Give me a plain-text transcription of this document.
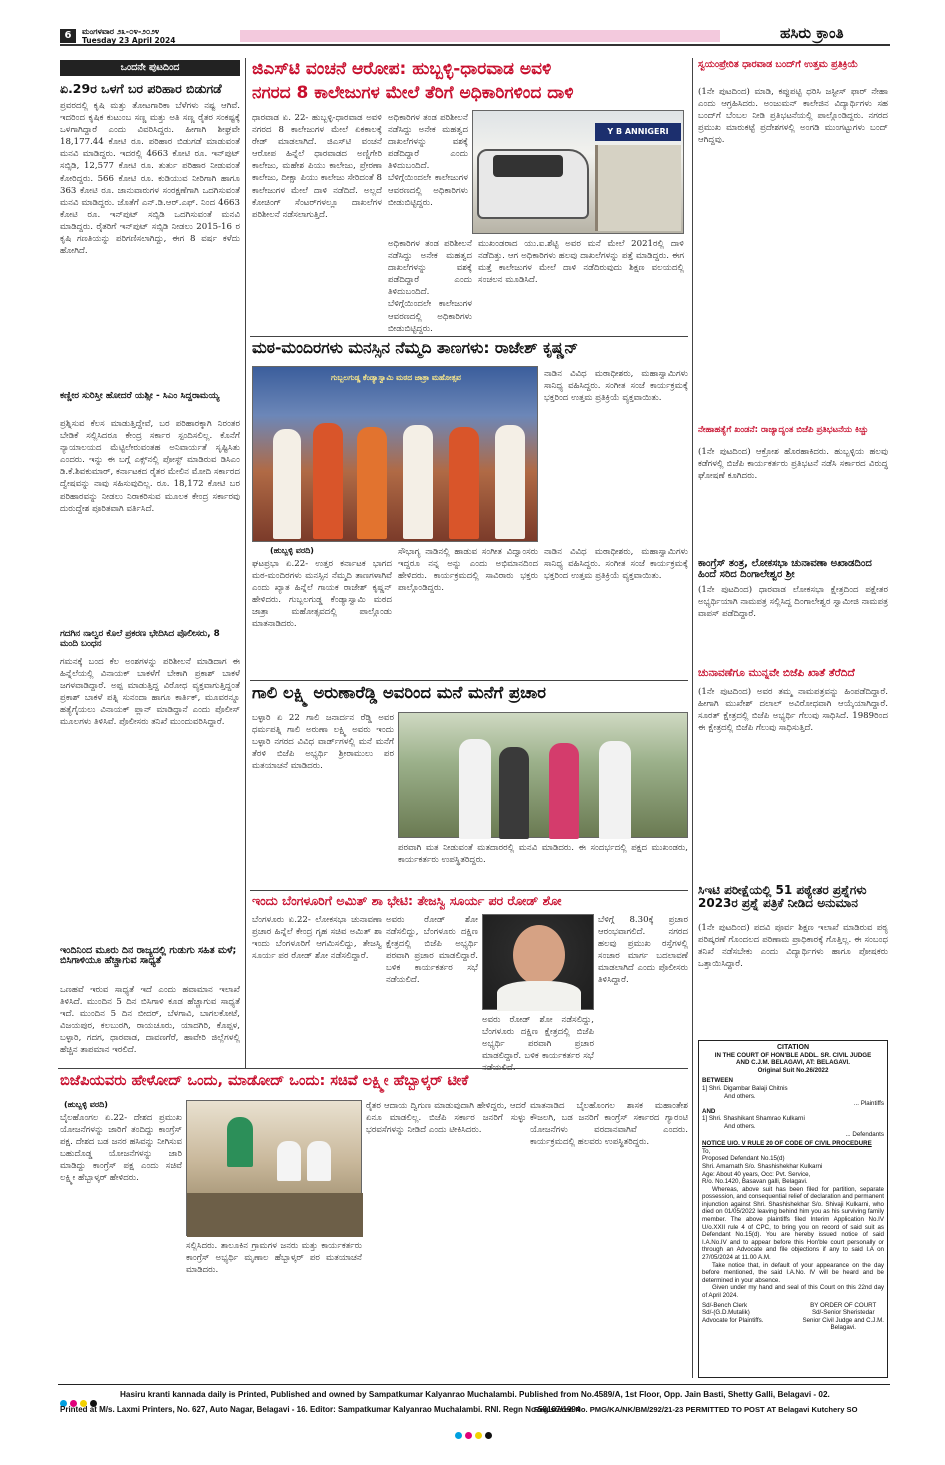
6	ಮಂಗಳವಾರ ೨೩-೦೪-೨೦೨೪
Tuesday 23 April 2024	ಹಸಿರು ಕ್ರಾಂತಿ
ಒಂದನೇ ಪುಟದಿಂದ
ಏ.29ರ ಒಳಗೆ ಬರ ಪರಿಹಾರ ಬಿಡುಗಡೆ
ಪ್ರವರದಲ್ಲಿ ಕೃಷಿ ಮತ್ತು ತೋಟಗಾರಿಕಾ ಬೆಳೆಗಳು ನಷ್ಟ ಆಗಿವೆ. ಇದರಿಂದ ಕೃಷಿಕ ಕುಟುಂಬ ಸಣ್ಣ ಮತ್ತು ಅತಿ ಸಣ್ಣ ರೈತರ ಸಂಕಷ್ಟಕ್ಕೆ ಒಳಗಾಗಿದ್ದಾರೆ ಎಂದು ವಿವರಿಸಿದ್ದರು. ಹೀಗಾಗಿ ಶೀಘ್ರವೇ 18,177.44 ಕೋಟಿ ರೂ. ಪರಿಹಾರ ಬಿಡುಗಡೆ ಮಾಡುವಂತೆ ಮನವಿ ಮಾಡಿದ್ದರು. ಇದರಲ್ಲಿ 4663 ಕೋಟಿ ರೂ. ಇನ್‌ಪುಟ್ ಸಬ್ಸಿಡಿ, 12,577 ಕೋಟಿ ರೂ. ತುರ್ತು ಪರಿಹಾರ ನೀಡುವಂತೆ ಕೋರಿದ್ದರು. 566 ಕೋಟಿ ರೂ. ಕುಡಿಯುವ ನೀರಿಗಾಗಿ ಹಾಗೂ 363 ಕೋಟಿ ರೂ. ಜಾನುವಾರುಗಳ ಸಂರಕ್ಷಣೆಗಾಗಿ ಒದಗಿಸುವಂತೆ ಮನವಿ ಮಾಡಿದ್ದರು. ಜೊತೆಗೆ ಎನ್.ಡಿ.ಆರ್.ಎಫ್. ನಿಂದ 4663 ಕೋಟಿ ರೂ. ಇನ್‌ಪುಟ್ ಸಬ್ಸಿಡಿ ಒದಗಿಸುವಂತೆ ಮನವಿ ಮಾಡಿದ್ದರು. ರೈತರಿಗೆ ಇನ್‌ಪುಟ್ ಸಬ್ಸಿಡಿ ನೀಡಲು 2015-16 ರ ಕೃಷಿ ಗಣತಿಯನ್ನು ಪರಿಗಣಿಸಲಾಗಿದ್ದು, ಈಗ 8 ವರ್ಷ ಕಳೆದು ಹೋಗಿದೆ.
ಕಣ್ಣೀರ ಸುರಿಸ್ತೀ ಹೋದರೆ ಯಶ್ಸೀ - ಸಿಎಂ ಸಿದ್ದರಾಮಯ್ಯ
ಪ್ರಶ್ನಿಸುವ ಕೆಲಸ ಮಾಡುತ್ತಿದ್ದೇವೆ, ಬರ ಪರಿಹಾರಕ್ಕಾಗಿ ನಿರಂತರ ಬೇಡಿಕೆ ಸಲ್ಲಿಸಿದರೂ ಕೇಂದ್ರ ಸರ್ಕಾರ ಸ್ಪಂದಿಸಲಿಲ್ಲ. ಕೊನೆಗೆ ನ್ಯಾಯಾಲಯದ ಮೆಟ್ಟಿಲೇರುವಂತಹ ಅನಿವಾರ್ಯತೆ ಸೃಷ್ಟಿಸಿತು ಎಂದರು. ಇನ್ನು ಈ ಬಗ್ಗೆ ಎಕ್ಸ್‌ನಲ್ಲಿ ಪೋಸ್ಟ್ ಮಾಡಿರುವ ಡಿಸಿಎಂ ಡಿ.ಕೆ.ಶಿವಕುಮಾರ್, ಕರ್ನಾಟಕದ ರೈತರ ಮೇಲಿನ ಮೋದಿ ಸರ್ಕಾರದ ದ್ವೇಷವನ್ನು ನಾವು ಸಹಿಸುವುದಿಲ್ಲ. ರೂ. 18,172 ಕೋಟಿ ಬರ ಪರಿಹಾರವನ್ನು ನೀಡಲು ನಿರಾಕರಿಸುವ ಮೂಲಕ ಕೇಂದ್ರ ಸರ್ಕಾರವು ದುರುದ್ದೇಶ ಪೂರಿತವಾಗಿ ವರ್ತಿಸಿದೆ.
ಗದಗಿನ ನಾಲ್ವರ ಕೊಲೆ ಪ್ರಕರಣ ಭೇದಿಸಿದ ಪೊಲೀಸರು, 8 ಮಂದಿ ಬಂಧನ
ಗಮನಕ್ಕೆ ಬಂದ ಕೆಲ ಅಂಶಗಳನ್ನು ಪರಿಶೀಲನೆ ಮಾಡಿದಾಗ ಈ ಹಿನ್ನೆಲೆಯಲ್ಲಿ ವಿನಾಯಕ್ ಬಾಕಳೆಗೆ ಬೇಕಾಗಿ ಪ್ರಕಾಶ್ ಬಾಕಳೆ ಜಗಳವಾಡಿದ್ದಾರೆ. ಅಪ್ಪ ಮಾಡುತ್ತಿದ್ದ ವಿರೋಧ ವ್ಯಕ್ತವಾಗುತ್ತಿದ್ದಂತೆ ಪ್ರಕಾಶ್ ಬಾಕಳೆ ಪತ್ನಿ ಸುನಂದಾ ಹಾಗೂ ಕಾರ್ತಿಕ್, ಮೂವರನ್ನೂ ಹತ್ಯೆಗೈಯಲು ವಿನಾಯಕ್ ಪ್ಲಾನ್ ಮಾಡಿದ್ದಾನೆ ಎಂದು ಪೊಲೀಸ್ ಮೂಲಗಳು ತಿಳಿಸಿವೆ. ಪೊಲೀಸರು ತನಿಖೆ ಮುಂದುವರಿಸಿದ್ದಾರೆ.
ಇಂದಿನಿಂದ ಮೂರು ದಿನ ರಾಜ್ಯದಲ್ಲಿ ಗುಡುಗು ಸಹಿತ ಮಳೆ; ಬಿಸಿಗಾಳಿಯೂ ಹೆಚ್ಚಾಗುವ ಸಾಧ್ಯತೆ
ಒಣಹವೆ ಇರುವ ಸಾಧ್ಯತೆ ಇದೆ ಎಂದು ಹವಾಮಾನ ಇಲಾಖೆ ತಿಳಿಸಿದೆ. ಮುಂದಿನ 5 ದಿನ ಬಿಸಿಗಾಳಿ ಕೂಡ ಹೆಚ್ಚಾಗುವ ಸಾಧ್ಯತೆ ಇದೆ. ಮುಂದಿನ 5 ದಿನ ಬೀದರ್, ಬೆಳಗಾವಿ, ಬಾಗಲಕೋಟೆ, ವಿಜಯಪುರ, ಕಲಬುರಗಿ, ರಾಯಚೂರು, ಯಾದಗಿರಿ, ಕೊಪ್ಪಳ, ಬಳ್ಳಾರಿ, ಗದಗ, ಧಾರವಾಡ, ದಾವಣಗೆರೆ, ಹಾವೇರಿ ಜಿಲ್ಲೆಗಳಲ್ಲಿ ಹೆಚ್ಚಿನ ತಾಪಮಾನ ಇರಲಿದೆ.
ಜಿಎಸ್‌ಟಿ ವಂಚನೆ ಆರೋಪ: ಹುಬ್ಬಳ್ಳಿ-ಧಾರವಾಡ ಅವಳಿ
ನಗರದ 8 ಕಾಲೇಜುಗಳ ಮೇಲೆ ತೆರಿಗೆ ಅಧಿಕಾರಿಗಳಿಂದ ದಾಳಿ
ಧಾರವಾಡ ಏ. 22- ಹುಬ್ಬಳ್ಳಿ-ಧಾರವಾಡ ಅವಳಿ ನಗರದ 8 ಕಾಲೇಜುಗಳ ಮೇಲೆ ಏಕಕಾಲಕ್ಕೆ ರೇಡ್ ಮಾಡಲಾಗಿದೆ. ಜಿಎಸ್‌ಟಿ ವಂಚನೆ ಆರೋಪ ಹಿನ್ನೆಲೆ ಧಾರವಾಡದ ಅಣ್ಣಿಗೇರಿ ಕಾಲೇಜು, ಮಹೇಶ ಪಿಯು ಕಾಲೇಜು, ಪ್ರೇರಣಾ ಕಾಲೇಜು, ದೀಕ್ಷಾ ಪಿಯು ಕಾಲೇಜು ಸೇರಿದಂತೆ 8 ಕಾಲೇಜುಗಳ ಮೇಲೆ ದಾಳಿ ನಡೆದಿದೆ. ಅಲ್ಲದೆ ಕೋಚಿಂಗ್ ಸೆಂಟರ್‌ಗಳಲ್ಲೂ ದಾಖಲೆಗಳ ಪರಿಶೀಲನೆ ನಡೆಸಲಾಗುತ್ತಿದೆ.
ಅಧಿಕಾರಿಗಳ ತಂಡ ಪರಿಶೀಲನೆ ನಡೆಸಿದ್ದು ಅನೇಕ ಮಹತ್ವದ ದಾಖಲೆಗಳನ್ನು ವಶಕ್ಕೆ ಪಡೆದಿದ್ದಾರೆ ಎಂದು ತಿಳಿದುಬಂದಿದೆ. ಬೆಳಿಗ್ಗೆಯಿಂದಲೇ ಕಾಲೇಜುಗಳ ಆವರಣದಲ್ಲಿ ಅಧಿಕಾರಿಗಳು ಬೀಡುಬಿಟ್ಟಿದ್ದರು.
Y B ANNIGERI
ಅಧಿಕಾರಿಗಳ ತಂಡ ಪರಿಶೀಲನೆ ನಡೆಸಿದ್ದು ಅನೇಕ ಮಹತ್ವದ ದಾಖಲೆಗಳನ್ನು ವಶಕ್ಕೆ ಪಡೆದಿದ್ದಾರೆ ಎಂದು ತಿಳಿದುಬಂದಿದೆ. ಬೆಳಿಗ್ಗೆಯಿಂದಲೇ ಕಾಲೇಜುಗಳ ಆವರಣದಲ್ಲಿ ಅಧಿಕಾರಿಗಳು ಬೀಡುಬಿಟ್ಟಿದ್ದರು.
ಮುಖಂಡರಾದ ಯು.ಐ.ಶೆಟ್ಟಿ ಅವರ ಮನೆ ಮೇಲೆ 2021ರಲ್ಲಿ ದಾಳಿ ನಡೆದಿತ್ತು. ಆಗ ಅಧಿಕಾರಿಗಳು ಹಲವು ದಾಖಲೆಗಳನ್ನು ಪತ್ತೆ ಮಾಡಿದ್ದರು. ಈಗ ಮತ್ತೆ ಕಾಲೇಜುಗಳ ಮೇಲೆ ದಾಳಿ ನಡೆದಿರುವುದು ಶಿಕ್ಷಣ ವಲಯದಲ್ಲಿ ಸಂಚಲನ ಮೂಡಿಸಿದೆ.
ಮಠ-ಮಂದಿರಗಳು ಮನಸ್ಸಿನ ನೆಮ್ಮದಿ ತಾಣಗಳು: ರಾಜೇಶ್ ಕೃಷ್ಣನ್
ಗುಬ್ಬಲಗುಡ್ಡ ಕೆಂಡ್ಯಾಸ್ವಾಮಿ ಮಠದ ಜಾತ್ರಾ ಮಹೋತ್ಸವ	ನಾಡಿನ ವಿವಿಧ ಮಠಾಧೀಶರು, ಮಹಾಸ್ವಾಮಿಗಳು ಸಾನಿಧ್ಯ ವಹಿಸಿದ್ದರು. ಸಂಗೀತ ಸಂಜೆ ಕಾರ್ಯಕ್ರಮಕ್ಕೆ ಭಕ್ತರಿಂದ ಉತ್ತಮ ಪ್ರತಿಕ್ರಿಯೆ ವ್ಯಕ್ತವಾಯಿತು.
(ಹುಬ್ಬಳ್ಳಿ ವರದಿ)
ಘಟಪ್ರಭಾ ಏ.22- ಉತ್ತರ ಕರ್ನಾಟಕ ಭಾಗದ ಮಠ-ಮಂದಿರಗಳು ಮನಸ್ಸಿನ ನೆಮ್ಮದಿ ತಾಣಗಳಾಗಿವೆ ಎಂದು ಖ್ಯಾತ ಹಿನ್ನೆಲೆ ಗಾಯಕ ರಾಜೇಶ್ ಕೃಷ್ಣನ್ ಹೇಳಿದರು. ಗುಬ್ಬಲಗುಡ್ಡ ಕೆಂಡ್ಯಾಸ್ವಾಮಿ ಮಠದ ಜಾತ್ರಾ ಮಹೋತ್ಸವದಲ್ಲಿ ಪಾಲ್ಗೊಂಡು ಮಾತನಾಡಿದರು.
ಸೌಭಾಗ್ಯ ನಾಡಿನಲ್ಲಿ ಹಾಡುವ ಸಂಗೀತ ವಿದ್ವಾಂಸರು ಇದ್ದರೂ ನನ್ನ ಅನ್ನು ಎಂದು ಅಭಿಮಾನದಿಂದ ಹೇಳಿದರು. ಕಾರ್ಯಕ್ರಮದಲ್ಲಿ ಸಾವಿರಾರು ಭಕ್ತರು ಪಾಲ್ಗೊಂಡಿದ್ದರು.
ನಾಡಿನ ವಿವಿಧ ಮಠಾಧೀಶರು, ಮಹಾಸ್ವಾಮಿಗಳು ಸಾನಿಧ್ಯ ವಹಿಸಿದ್ದರು. ಸಂಗೀತ ಸಂಜೆ ಕಾರ್ಯಕ್ರಮಕ್ಕೆ ಭಕ್ತರಿಂದ ಉತ್ತಮ ಪ್ರತಿಕ್ರಿಯೆ ವ್ಯಕ್ತವಾಯಿತು.
ಗಾಲಿ ಲಕ್ಷ್ಮಿ ಅರುಣಾರೆಡ್ಡಿ ಅವರಿಂದ ಮನೆ ಮನೆಗೆ ಪ್ರಚಾರ
ಬಳ್ಳಾರಿ ಏ 22 ಗಾಲಿ ಜನಾರ್ದನ ರೆಡ್ಡಿ ಅವರ ಧರ್ಮಪತ್ನಿ ಗಾಲಿ ಅರುಣಾ ಲಕ್ಷ್ಮಿ ಅವರು ಇಂದು ಬಳ್ಳಾರಿ ನಗರದ ವಿವಿಧ ವಾರ್ಡ್‌ಗಳಲ್ಲಿ ಮನೆ ಮನೆಗೆ ತೆರಳಿ ಬಿಜೆಪಿ ಅಭ್ಯರ್ಥಿ ಶ್ರೀರಾಮುಲು ಪರ ಮತಯಾಚನೆ ಮಾಡಿದರು.
ಪರವಾಗಿ ಮತ ನೀಡುವಂತೆ ಮತದಾರರಲ್ಲಿ ಮನವಿ ಮಾಡಿದರು. ಈ ಸಂದರ್ಭದಲ್ಲಿ ಪಕ್ಷದ ಮುಖಂಡರು, ಕಾರ್ಯಕರ್ತರು ಉಪಸ್ಥಿತರಿದ್ದರು.
ಇಂದು ಬೆಂಗಳೂರಿಗೆ ಅಮಿತ್ ಶಾ ಭೇಟಿ: ತೇಜಸ್ವಿ ಸೂರ್ಯ ಪರ ರೋಡ್ ಶೋ
ಬೆಂಗಳೂರು ಏ.22- ಲೋಕಸಭಾ ಚುನಾವಣಾ ಪ್ರಚಾರ ಹಿನ್ನೆಲೆ ಕೇಂದ್ರ ಗೃಹ ಸಚಿವ ಅಮಿತ್ ಶಾ ಇಂದು ಬೆಂಗಳೂರಿಗೆ ಆಗಮಿಸಲಿದ್ದು, ತೇಜಸ್ವಿ ಸೂರ್ಯ ಪರ ರೋಡ್ ಶೋ ನಡೆಸಲಿದ್ದಾರೆ.
ಅವರು ರೋಡ್ ಶೋ ನಡೆಸಲಿದ್ದು, ಬೆಂಗಳೂರು ದಕ್ಷಿಣ ಕ್ಷೇತ್ರದಲ್ಲಿ ಬಿಜೆಪಿ ಅಭ್ಯರ್ಥಿ ಪರವಾಗಿ ಪ್ರಚಾರ ಮಾಡಲಿದ್ದಾರೆ. ಬಳಿಕ ಕಾರ್ಯಕರ್ತರ ಸಭೆ ನಡೆಯಲಿದೆ.
ಬೆಳಿಗ್ಗೆ 8.30ಕ್ಕೆ ಪ್ರಚಾರ ಆರಂಭವಾಗಲಿದೆ. ನಗರದ ಹಲವು ಪ್ರಮುಖ ರಸ್ತೆಗಳಲ್ಲಿ ಸಂಚಾರ ಮಾರ್ಗ ಬದಲಾವಣೆ ಮಾಡಲಾಗಿದೆ ಎಂದು ಪೊಲೀಸರು ತಿಳಿಸಿದ್ದಾರೆ.
ಅವರು ರೋಡ್ ಶೋ ನಡೆಸಲಿದ್ದು, ಬೆಂಗಳೂರು ದಕ್ಷಿಣ ಕ್ಷೇತ್ರದಲ್ಲಿ ಬಿಜೆಪಿ ಅಭ್ಯರ್ಥಿ ಪರವಾಗಿ ಪ್ರಚಾರ ಮಾಡಲಿದ್ದಾರೆ. ಬಳಿಕ ಕಾರ್ಯಕರ್ತರ ಸಭೆ
ಬಿಜೆಪಿಯವರು ಹೇಳೋದ್ ಒಂದು, ಮಾಡೋದ್ ಒಂದು: ಸಚಿವೆ ಲಕ್ಷ್ಮೀ ಹೆಬ್ಬಾಳ್ಕರ್ ಟೀಕೆ
(ಹುಬ್ಬಳ್ಳಿ ವರದಿ)
ಬೈಲಹೊಂಗಲ ಏ.22- ದೇಶದ ಪ್ರಮುಖ ಯೋಜನೆಗಳನ್ನು ಜಾರಿಗೆ ತಂದಿದ್ದು ಕಾಂಗ್ರೆಸ್ ಪಕ್ಷ. ದೇಶದ ಬಡ ಜನರ ಹಸಿವನ್ನು ನೀಗಿಸುವ ಬಹುದೊಡ್ಡ ಯೋಜನೆಗಳನ್ನು ಜಾರಿ ಮಾಡಿದ್ದು ಕಾಂಗ್ರೆಸ್ ಪಕ್ಷ ಎಂದು ಸಚಿವೆ ಲಕ್ಷ್ಮೀ ಹೆಬ್ಬಾಳ್ಕರ್ ಹೇಳಿದರು.
ಸಲ್ಲಿಸಿದರು. ತಾಲೂಕಿನ ಗ್ರಾಮಗಳ ಜನರು ಮತ್ತು ಕಾರ್ಯಕರ್ತರು ಕಾಂಗ್ರೆಸ್ ಅಭ್ಯರ್ಥಿ ಮೃಣಾಲ ಹೆಬ್ಬಾಳ್ಕರ್ ಪರ ಮತಯಾಚನೆ ಮಾಡಿದರು.
ರೈತರ ಆದಾಯ ದ್ವಿಗುಣ ಮಾಡುವುದಾಗಿ ಹೇಳಿದ್ದರು, ಆದರೆ ಏನೂ ಮಾಡಲಿಲ್ಲ. ಬಿಜೆಪಿ ಸರ್ಕಾರ ಜನರಿಗೆ ಸುಳ್ಳು ಭರವಸೆಗಳನ್ನು ನೀಡಿದೆ ಎಂದು ಟೀಕಿಸಿದರು.
ಮಾತನಾಡಿದ ಬೈಲಹೊಂಗಲ ಶಾಸಕ ಮಹಾಂತೇಶ ಕೌಜಲಗಿ, ಬಡ ಜನರಿಗೆ ಕಾಂಗ್ರೆಸ್ ಸರ್ಕಾರದ ಗ್ಯಾರಂಟಿ ಯೋಜನೆಗಳು ವರದಾನವಾಗಿವೆ ಎಂದರು. ಕಾರ್ಯಕ್ರಮದಲ್ಲಿ ಹಲವರು ಉಪಸ್ಥಿತರಿದ್ದರು.
ಸ್ವಯಂಪ್ರೇರಿತ ಧಾರವಾಡ ಬಂದ್‌ಗೆ ಉತ್ತಮ ಪ್ರತಿಕ್ರಿಯೆ
(1ನೇ ಪುಟದಿಂದ) ಮಾಡಿ, ಕಪ್ಪುಪಟ್ಟಿ ಧರಿಸಿ ಜಸ್ಟೀಸ್ ಫಾರ್ ನೇಹಾ ಎಂದು ಆಗ್ರಹಿಸಿದರು. ಅಂಜುಮನ್ ಕಾಲೇಜಿನ ವಿದ್ಯಾರ್ಥಿಗಳು ಸಹ ಬಂದ್‌ಗೆ ಬೆಂಬಲ ನೀಡಿ ಪ್ರತಿಭಟನೆಯಲ್ಲಿ ಪಾಲ್ಗೊಂಡಿದ್ದರು. ನಗರದ ಪ್ರಮುಖ ಮಾರುಕಟ್ಟೆ ಪ್ರದೇಶಗಳಲ್ಲಿ ಅಂಗಡಿ ಮುಂಗಟ್ಟುಗಳು ಬಂದ್ ಆಗಿದ್ದವು.
ನೇಹಾಹತ್ಯೆಗೆ ಖಂಡನೆ: ರಾಜ್ಯಾದ್ಯಂತ ಬಿಜೆಪಿ ಪ್ರತಿಭಟನೆಯ ಕಿಚ್ಚು
(1ನೇ ಪುಟದಿಂದ) ಆಕ್ರೋಶ ಹೊರಹಾಕಿದರು. ಹುಬ್ಬಳ್ಳಿಯ ಹಲವು ಕಡೆಗಳಲ್ಲಿ ಬಿಜೆಪಿ ಕಾರ್ಯಕರ್ತರು ಪ್ರತಿಭಟನೆ ನಡೆಸಿ ಸರ್ಕಾರದ ವಿರುದ್ಧ ಘೋಷಣೆ ಕೂಗಿದರು.
ಕಾಂಗ್ರೆಸ್ ತಂತ್ರ, ಲೋಕಸಭಾ ಚುನಾವಣಾ ಅಖಾಡದಿಂದ ಹಿಂದೆ ಸರಿದ ದಿಂಗಾಲೇಶ್ವರ ಶ್ರೀ
(1ನೇ ಪುಟದಿಂದ) ಧಾರವಾಡ ಲೋಕಸಭಾ ಕ್ಷೇತ್ರದಿಂದ ಪಕ್ಷೇತರ ಅಭ್ಯರ್ಥಿಯಾಗಿ ನಾಮಪತ್ರ ಸಲ್ಲಿಸಿದ್ದ ದಿಂಗಾಲೇಶ್ವರ ಸ್ವಾಮೀಜಿ ನಾಮಪತ್ರ ವಾಪಸ್ ಪಡೆದಿದ್ದಾರೆ.
ಚುನಾವಣೆಗೂ ಮುನ್ನವೇ ಬಿಜೆಪಿ ಖಾತೆ ತೆರೆದಿದೆ
(1ನೇ ಪುಟದಿಂದ) ಅವರ ತಮ್ಮ ನಾಮಪತ್ರವನ್ನು ಹಿಂಪಡೆದಿದ್ದಾರೆ. ಹೀಗಾಗಿ ಮುಖೇಶ್ ದಲಾಲ್ ಅವಿರೋಧವಾಗಿ ಆಯ್ಕೆಯಾಗಿದ್ದಾರೆ. ಸೂರತ್ ಕ್ಷೇತ್ರದಲ್ಲಿ ಬಿಜೆಪಿ ಅಭ್ಯರ್ಥಿ ಗೆಲುವು ಸಾಧಿಸಿದೆ. 1989ರಿಂದ ಈ ಕ್ಷೇತ್ರದಲ್ಲಿ ಬಿಜೆಪಿ ಗೆಲುವು ಸಾಧಿಸುತ್ತಿದೆ.
ಸಿಇಟಿ ಪರೀಕ್ಷೆಯಲ್ಲಿ 51 ಪಠ್ಯೇತರ ಪ್ರಶ್ನೆಗಳು 2023ರ ಪ್ರಶ್ನೆ ಪತ್ರಿಕೆ ನೀಡಿದ ಅನುಮಾನ
(1ನೇ ಪುಟದಿಂದ) ಪದವಿ ಪೂರ್ವ ಶಿಕ್ಷಣ ಇಲಾಖೆ ಮಾಡಿರುವ ಪಠ್ಯ ಪರಿಷ್ಕರಣೆ ಗೊಂದಲದ ಪರಿಣಾಮ ಪ್ರಾಧಿಕಾರಕ್ಕೆ ಗೊತ್ತಿಲ್ಲ. ಈ ಸಂಬಂಧ ತನಿಖೆ ನಡೆಸಬೇಕು ಎಂದು ವಿದ್ಯಾರ್ಥಿಗಳು ಹಾಗೂ ಪೋಷಕರು ಒತ್ತಾಯಿಸಿದ್ದಾರೆ.
CITATION
IN THE COURT OF HON'BLE ADDL. SR. CIVIL JUDGE
AND C.J.M. BELAGAVI, AT: BELAGAVI.
Original Suit No.26/2022
BETWEEN
1] Shri. Digambar Balaji Chitnis
And others.
... Plaintiffs
AND
1] Shri. Shashikant Shamrao Kulkarni
And others.
... Defendants
NOTICE U/O. V RULE 20 OF CODE OF CIVIL PROCEDURE
To,
Proposed Defendant No.15(d)
Shri. Amarnath S/o. Shashishekhar Kulkarni
Age: About 40 years, Occ: Pvt. Service,
R/o. No.1420, Basavan galli, Belagavi.
Whereas, above suit has been filed for partition, separate possession, and consequential relief of declaration and permanent injunction against Shri. Shashishekhar S/o. Shivaji Kulkarni, who died on 01/05/2022 leaving behind him you as his surviving family member. The above plaintiffs filed Interim Application No.IV U/o.XXII rule 4 of CPC, to bring you on record of said suit as Defendant No.15(d). You are hereby issued notice of said I.A.No.IV and to appear before this Hon'ble court personally or through an Advocate and file objections if any to said I.A on 27/05/2024 at 11.00 A.M.
Take notice that, in default of your appearance on the day before mentioned, the said I.A.No. IV will be heard and be determined in your absence.
Given under my hand and seal of this Court on this 22nd day of April 2024.
Sd/-Bench Clerk
Sd/-(G.D.Mutalik)
Advocate for Plaintiffs.
BY ORDER OF COURT
Sd/-Senior Sheristedar
Senior Civil Judge and C.J.M.
Belagavi.
Hasiru kranti kannada daily is Printed, Published and owned by Sampatkumar Kalyanrao Muchalambi. Published from No.4589/A, 1st Floor, Opp. Jain Basti, Shetty Galli, Belagavi - 02.
Printed at M/s. Laxmi Printers, No. 627, Auto Nagar, Belagavi - 16. Editor: Sampatkumar Kalyanrao Muchalambi. RNI. Regn No.58167/1994
Registered No. PMG/KA/NK/BM/292/21-23 PERMITTED TO POST AT Belagavi Kutchery SO
